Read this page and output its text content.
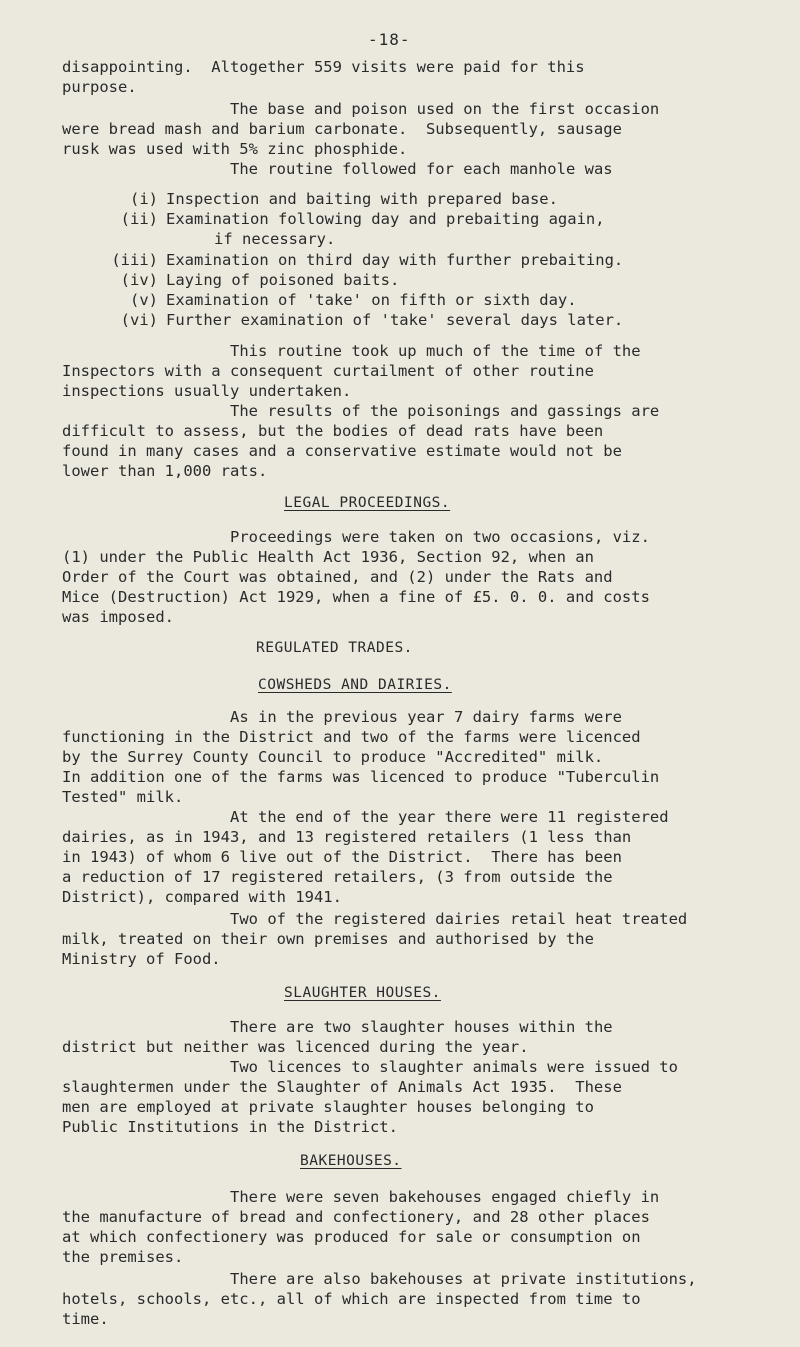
-18-
disappointing.  Altogether 559 visits were paid for this
purpose.
The base and poison used on the first occasion
were bread mash and barium carbonate.  Subsequently, sausage
rusk was used with 5% zinc phosphide.
The routine followed for each manhole was
(i) Inspection and baiting with prepared base.
(ii) Examination following day and prebaiting again,
if necessary.
(iii) Examination on third day with further prebaiting.
(iv) Laying of poisoned baits.
(v) Examination of 'take' on fifth or sixth day.
(vi) Further examination of 'take' several days later.
This routine took up much of the time of the
Inspectors with a consequent curtailment of other routine
inspections usually undertaken.
The results of the poisonings and gassings are
difficult to assess, but the bodies of dead rats have been
found in many cases and a conservative estimate would not be
lower than 1,000 rats.
LEGAL PROCEEDINGS.
Proceedings were taken on two occasions, viz.
(1) under the Public Health Act 1936, Section 92, when an
Order of the Court was obtained, and (2) under the Rats and
Mice (Destruction) Act 1929, when a fine of £5. 0. 0. and costs
was imposed.
REGULATED TRADES.
COWSHEDS AND DAIRIES.
As in the previous year 7 dairy farms were
functioning in the District and two of the farms were licenced
by the Surrey County Council to produce "Accredited" milk.
In addition one of the farms was licenced to produce "Tuberculin
Tested" milk.
At the end of the year there were 11 registered
dairies, as in 1943, and 13 registered retailers (1 less than
in 1943) of whom 6 live out of the District.  There has been
a reduction of 17 registered retailers, (3 from outside the
District), compared with 1941.
Two of the registered dairies retail heat treated
milk, treated on their own premises and authorised by the
Ministry of Food.
SLAUGHTER HOUSES.
There are two slaughter houses within the
district but neither was licenced during the year.
Two licences to slaughter animals were issued to
slaughtermen under the Slaughter of Animals Act 1935.  These
men are employed at private slaughter houses belonging to
Public Institutions in the District.
BAKEHOUSES.
There were seven bakehouses engaged chiefly in
the manufacture of bread and confectionery, and 28 other places
at which confectionery was produced for sale or consumption on
the premises.
There are also bakehouses at private institutions,
hotels, schools, etc., all of which are inspected from time to
time.
